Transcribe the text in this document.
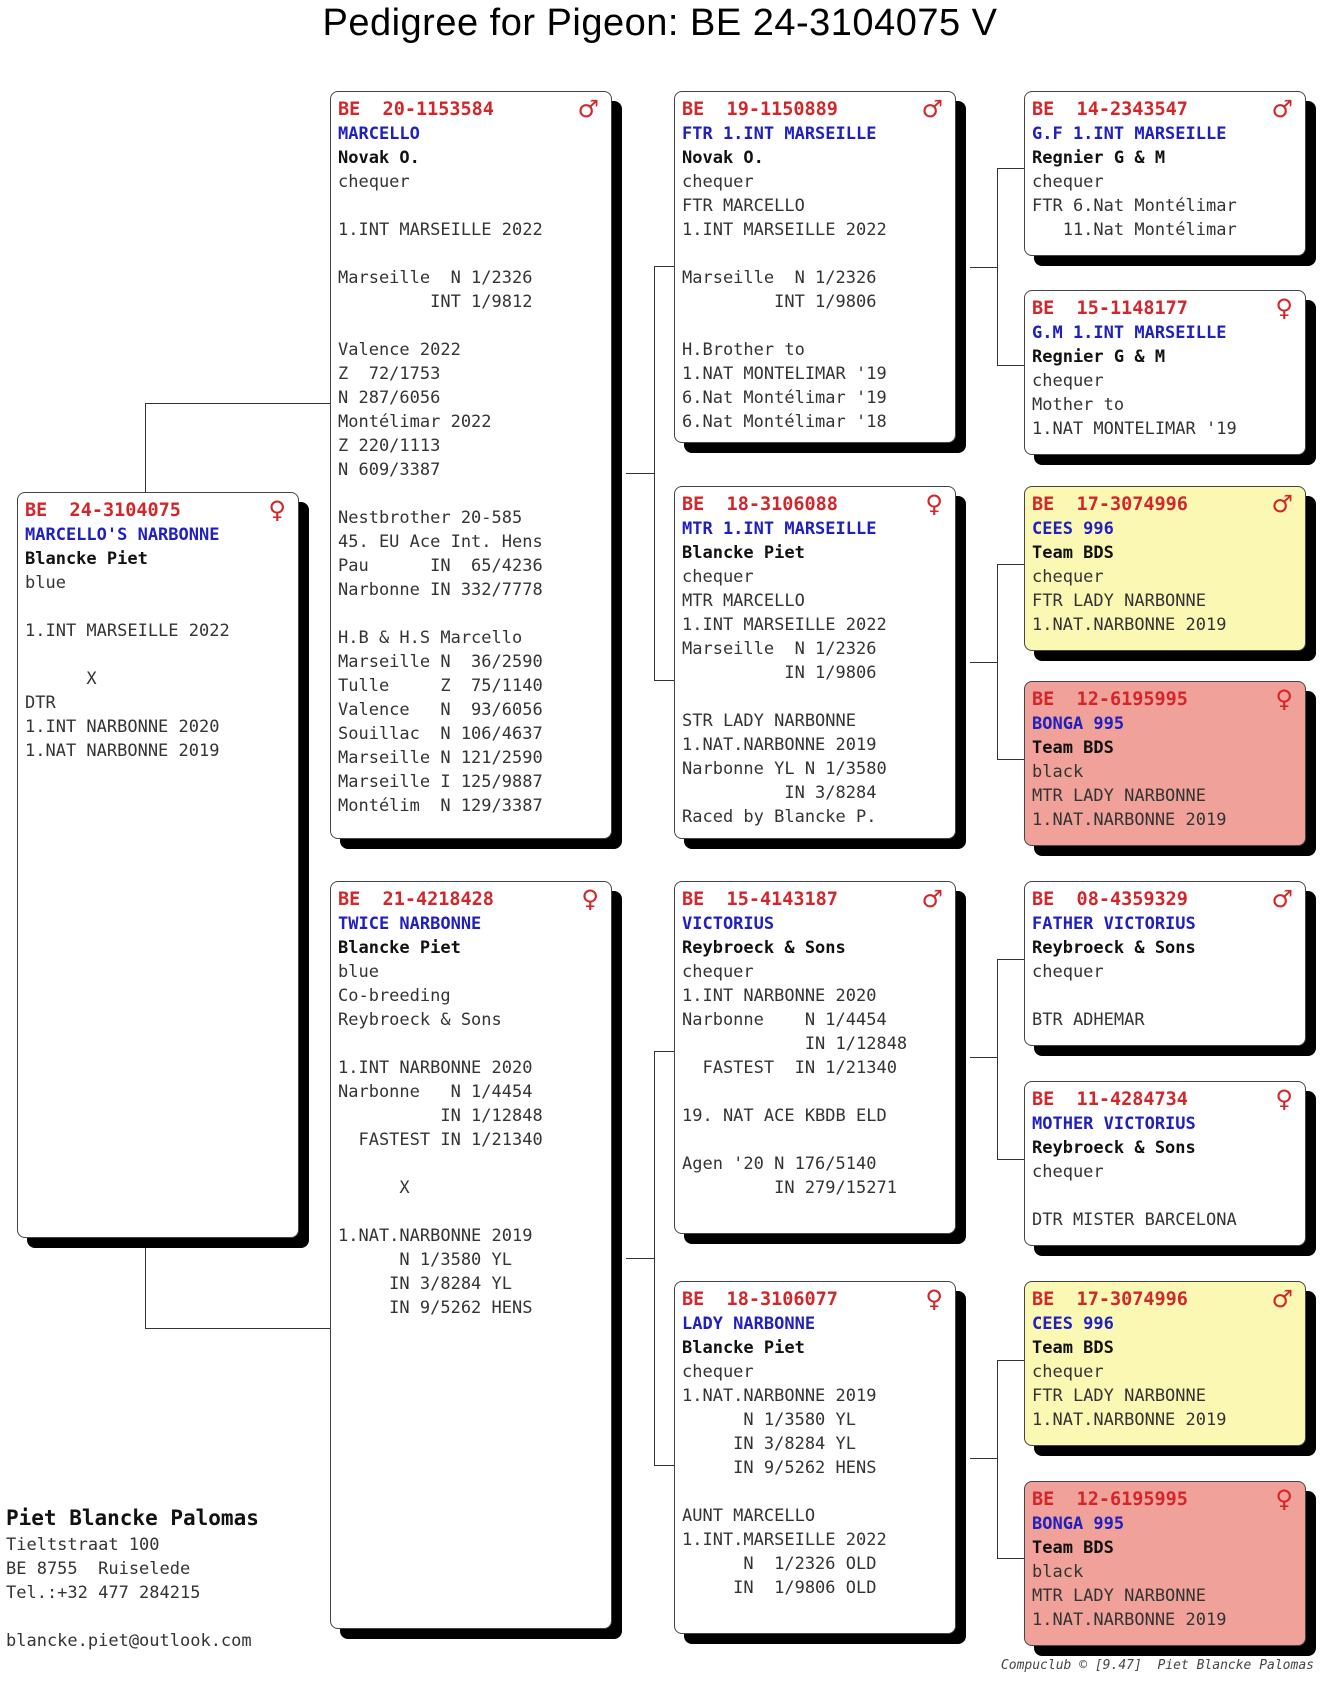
Pedigree for Pigeon: BE 24-3104075 V
BE  24-3104075	♀
MARCELLO'S NARBONNE
Blancke Piet
blue
1.INT MARSEILLE 2022
X
DTR
1.INT NARBONNE 2020
1.NAT NARBONNE 2019
BE  20-1153584	♂
MARCELLO
Novak O.
chequer
1.INT MARSEILLE 2022
Marseille  N 1/2326
INT 1/9812
Valence 2022
Z  72/1753
N 287/6056
Montélimar 2022
Z 220/1113
N 609/3387
Nestbrother 20-585
45. EU Ace Int. Hens
Pau      IN  65/4236
Narbonne IN 332/7778
H.B & H.S Marcello
Marseille N  36/2590
Tulle     Z  75/1140
Valence   N  93/6056
Souillac  N 106/4637
Marseille N 121/2590
Marseille I 125/9887
Montélim  N 129/3387
BE  21-4218428	♀
TWICE NARBONNE
Blancke Piet
blue
Co-breeding
Reybroeck & Sons
1.INT NARBONNE 2020
Narbonne   N 1/4454
IN 1/12848
FASTEST IN 1/21340
X
1.NAT.NARBONNE 2019
N 1/3580 YL
IN 3/8284 YL
IN 9/5262 HENS
BE  19-1150889	♂
FTR 1.INT MARSEILLE
Novak O.
chequer
FTR MARCELLO
1.INT MARSEILLE 2022
Marseille  N 1/2326
INT 1/9806
H.Brother to
1.NAT MONTELIMAR '19
6.Nat Montélimar '19
6.Nat Montélimar '18
BE  18-3106088	♀
MTR 1.INT MARSEILLE
Blancke Piet
chequer
MTR MARCELLO
1.INT MARSEILLE 2022
Marseille  N 1/2326
IN 1/9806
STR LADY NARBONNE
1.NAT.NARBONNE 2019
Narbonne YL N 1/3580
IN 3/8284
Raced by Blancke P.
BE  15-4143187	♂
VICTORIUS
Reybroeck & Sons
chequer
1.INT NARBONNE 2020
Narbonne    N 1/4454
IN 1/12848
FASTEST  IN 1/21340
19. NAT ACE KBDB ELD
Agen '20 N 176/5140
IN 279/15271
BE  18-3106077	♀
LADY NARBONNE
Blancke Piet
chequer
1.NAT.NARBONNE 2019
N 1/3580 YL
IN 3/8284 YL
IN 9/5262 HENS
AUNT MARCELLO
1.INT.MARSEILLE 2022
N  1/2326 OLD
IN  1/9806 OLD
BE  14-2343547	♂
G.F 1.INT MARSEILLE
Regnier G & M
chequer
FTR 6.Nat Montélimar
11.Nat Montélimar
BE  15-1148177	♀
G.M 1.INT MARSEILLE
Regnier G & M
chequer
Mother to
1.NAT MONTELIMAR '19
BE  17-3074996	♂
CEES 996
Team BDS
chequer
FTR LADY NARBONNE
1.NAT.NARBONNE 2019
BE  12-6195995	♀
BONGA 995
Team BDS
black
MTR LADY NARBONNE
1.NAT.NARBONNE 2019
BE  08-4359329	♂
FATHER VICTORIUS
Reybroeck & Sons
chequer
BTR ADHEMAR
BE  11-4284734	♀
MOTHER VICTORIUS
Reybroeck & Sons
chequer
DTR MISTER BARCELONA
BE  17-3074996	♂
CEES 996
Team BDS
chequer
FTR LADY NARBONNE
1.NAT.NARBONNE 2019
BE  12-6195995	♀
BONGA 995
Team BDS
black
MTR LADY NARBONNE
1.NAT.NARBONNE 2019
Piet Blancke Palomas
Tieltstraat 100
BE 8755  Ruiselede
Tel.:+32 477 284215
blancke.piet@outlook.com
Compuclub © [9.47]  Piet Blancke Palomas
